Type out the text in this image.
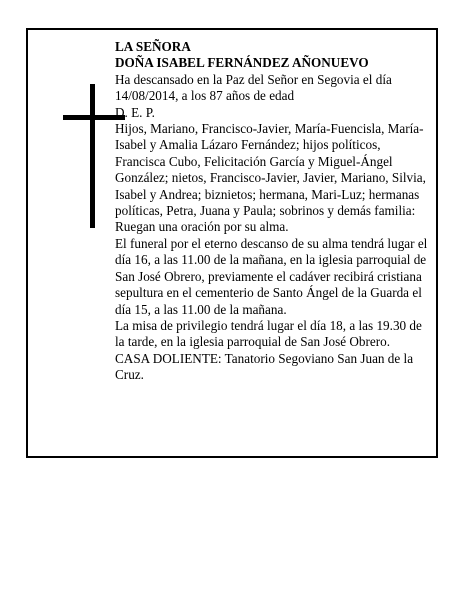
LA SEÑORA

DOÑA ISABEL FERNÁNDEZ AÑONUEVO

Ha descansado en la Paz del Señor en Segovia el día 14/08/2014, a los 87 años de edad

D. E. P.

Hijos, Mariano, Francisco-Javier, María-Fuencisla, María-Isabel y Amalia Lázaro Fernández; hijos políticos, Francisca Cubo, Felicitación García y Miguel-Ángel González; nietos, Francisco-Javier, Javier, Mariano, Silvia, Isabel y Andrea; biznietos; hermana, Mari-Luz; hermanas políticas, Petra, Juana y Paula; sobrinos y demás familia:

Ruegan una oración por su alma.

El funeral por el eterno descanso de su alma tendrá lugar el día 16, a las 11.00 de la mañana, en la iglesia parroquial de San José Obrero, previamente el cadáver recibirá cristiana sepultura en el cementerio de Santo Ángel de la Guarda el día 15, a las 11.00 de la mañana.

La misa de privilegio tendrá lugar el día 18, a las 19.30 de la tarde, en la iglesia parroquial de San José Obrero.

CASA DOLIENTE: Tanatorio Segoviano San Juan de la Cruz.
